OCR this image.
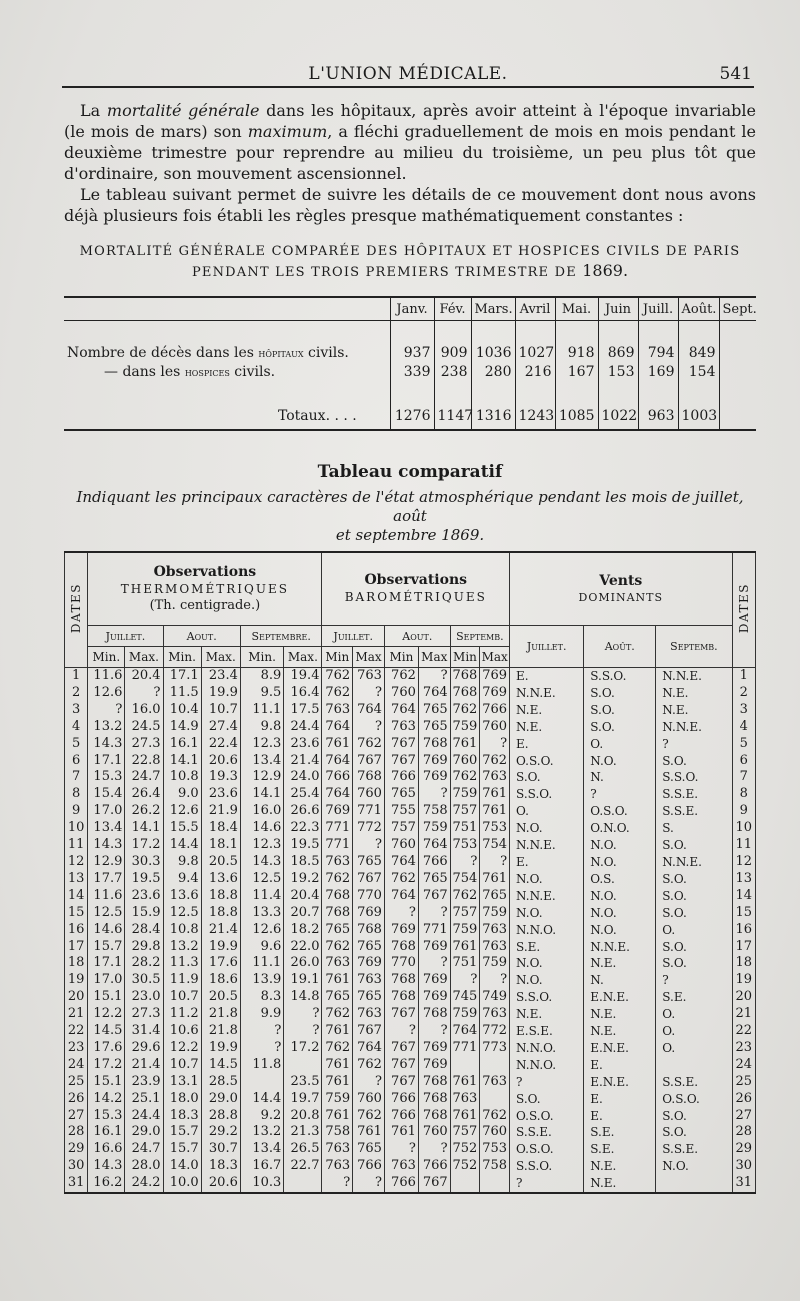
L'UNION MÉDICALE.	541

La mortalité générale dans les hôpitaux, après avoir atteint à l'époque invariable (le mois de mars) son maximum, a fléchi graduellement de mois en mois pendant le deuxième trimestre pour reprendre au milieu du troisième, un peu plus tôt que d'ordinaire, son mouvement ascensionnel.

Le tableau suivant permet de suivre les détails de ce mouvement dont nous avons déjà plusieurs fois établi les règles presque mathématiquement constantes :

MORTALITÉ GÉNÉRALE COMPARÉE DES HÔPITAUX ET HOSPICES CIVILS DE PARIS
PENDANT LES TROIS PREMIERS TRIMESTRE DE 1869.
	Janv.	Fév.	Mars.	Avril	Mai.	Juin	Juill.	Août.	Sept.

Nombre de décès dans les hôpitaux civils.	937	909	1036	1027	918	869	794	849	
— dans les hospices civils.	339	238	280	216	167	153	169	154	

Totaux. . . .	1276	1147	1316	1243	1085	1022	963	1003	
Tableau comparatif
Indiquant les principaux caractères de l'état atmosphérique pendant les mois de juillet, août
et septembre 1869.
DATES	Observations
THERMOMÉTRIQUES
(Th. centigrade.)						Observations
BAROMÉTRIQUES						Vents
DOMINANTS			DATES
	Juillet.		Aout.		Septembre.		Juillet.		Aout.		Septemb.		Juillet.	Août.	Septemb.	
	Min.	Max.	Min.	Max.	Min.	Max.	Min	Max	Min	Max	Min	Max				
1	11.6	20.4	17.1	23.4	8.9	19.4	762	763	762	?	768	769	E.	S.S.O.	N.N.E.	1
2	12.6	?	11.5	19.9	9.5	16.4	762	?	760	764	768	769	N.N.E.	S.O.	N.E.	2
3	?	16.0	10.4	10.7	11.1	17.5	763	764	764	765	762	766	N.E.	S.O.	N.E.	3
4	13.2	24.5	14.9	27.4	9.8	24.4	764	?	763	765	759	760	N.E.	S.O.	N.N.E.	4
5	14.3	27.3	16.1	22.4	12.3	23.6	761	762	767	768	761	?	E.	O.	?	5
6	17.1	22.8	14.1	20.6	13.4	21.4	764	767	767	769	760	762	O.S.O.	N.O.	S.O.	6
7	15.3	24.7	10.8	19.3	12.9	24.0	766	768	766	769	762	763	S.O.	N.	S.S.O.	7
8	15.4	26.4	9.0	23.6	14.1	25.4	764	760	765	?	759	761	S.S.O.	?	S.S.E.	8
9	17.0	26.2	12.6	21.9	16.0	26.6	769	771	755	758	757	761	O.	O.S.O.	S.S.E.	9
10	13.4	14.1	15.5	18.4	14.6	22.3	771	772	757	759	751	753	N.O.	O.N.O.	S.	10
11	14.3	17.2	14.4	18.1	12.3	19.5	771	?	760	764	753	754	N.N.E.	N.O.	S.O.	11
12	12.9	30.3	9.8	20.5	14.3	18.5	763	765	764	766	?	?	E.	N.O.	N.N.E.	12
13	17.7	19.5	9.4	13.6	12.5	19.2	762	767	762	765	754	761	N.O.	O.S.	S.O.	13
14	11.6	23.6	13.6	18.8	11.4	20.4	768	770	764	767	762	765	N.N.E.	N.O.	S.O.	14
15	12.5	15.9	12.5	18.8	13.3	20.7	768	769	?	?	757	759	N.O.	N.O.	S.O.	15
16	14.6	28.4	10.8	21.4	12.6	18.2	765	768	769	771	759	763	N.N.O.	N.O.	O.	16
17	15.7	29.8	13.2	19.9	9.6	22.0	762	765	768	769	761	763	S.E.	N.N.E.	S.O.	17
18	17.1	28.2	11.3	17.6	11.1	26.0	763	769	770	?	751	759	N.O.	N.E.	S.O.	18
19	17.0	30.5	11.9	18.6	13.9	19.1	761	763	768	769	?	?	N.O.	N.	?	19
20	15.1	23.0	10.7	20.5	8.3	14.8	765	765	768	769	745	749	S.S.O.	E.N.E.	S.E.	20
21	12.2	27.3	11.2	21.8	9.9	?	762	763	767	768	759	763	N.E.	N.E.	O.	21
22	14.5	31.4	10.6	21.8	?	?	761	767	?	?	764	772	E.S.E.	N.E.	O.	22
23	17.6	29.6	12.2	19.9	?	17.2	762	764	767	769	771	773	N.N.O.	E.N.E.	O.	23
24	17.2	21.4	10.7	14.5	11.8		761	762	767	769			N.N.O.	E.		24
25	15.1	23.9	13.1	28.5		23.5	761	?	767	768	761	763	?	E.N.E.	S.S.E.	25
26	14.2	25.1	18.0	29.0	14.4	19.7	759	760	766	768	763		S.O.	E.	O.S.O.	26
27	15.3	24.4	18.3	28.8	9.2	20.8	761	762	766	768	761	762	O.S.O.	E.	S.O.	27
28	16.1	29.0	15.7	29.2	13.2	21.3	758	761	761	760	757	760	S.S.E.	S.E.	S.O.	28
29	16.6	24.7	15.7	30.7	13.4	26.5	763	765	?	?	752	753	O.S.O.	S.E.	S.S.E.	29
30	14.3	28.0	14.0	18.3	16.7	22.7	763	766	763	766	752	758	S.S.O.	N.E.	N.O.	30
31	16.2	24.2	10.0	20.6	10.3		?	?	766	767			?	N.E.		31
